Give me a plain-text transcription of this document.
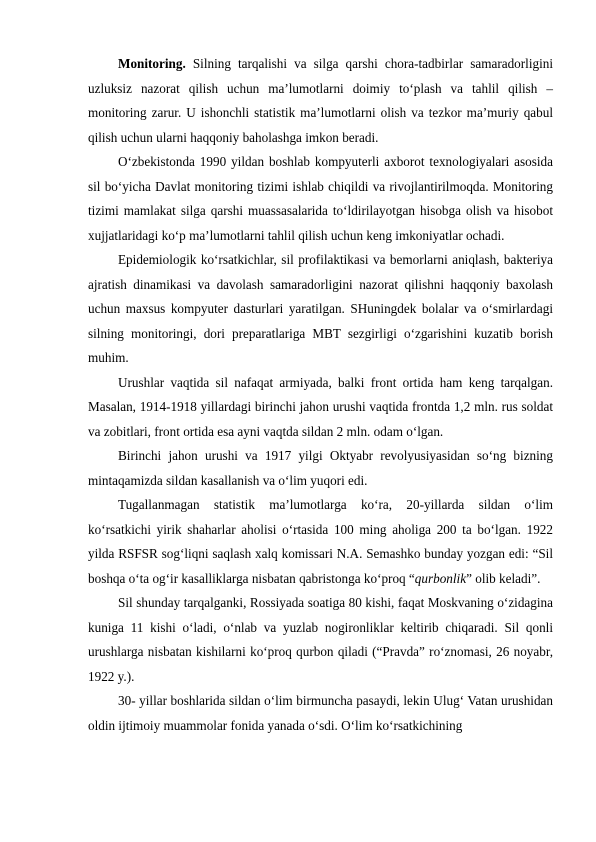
Monitoring. Silning tarqalishi va silga qarshi chora-tadbirlar samaradorligini uzluksiz nazorat qilish uchun ma’lumotlarni doimiy to‘plash va tahlil qilish – monitoring zarur. U ishonchli statistik ma’lumotlarni olish va tezkor ma’muriy qabul qilish uchun ularni haqqoniy baholashga imkon beradi.

O‘zbekistonda 1990 yildan boshlab kompyuterli axborot texnologiyalari asosida sil bo‘yicha Davlat monitoring tizimi ishlab chiqildi va rivojlantirilmoqda. Monitoring tizimi mamlakat silga qarshi muassasalarida to‘ldirilayotgan hisobga olish va hisobot xujjatlaridagi ko‘p ma’lumotlarni tahlil qilish uchun keng imkoniyatlar ochadi.

Epidemiologik ko‘rsatkichlar, sil profilaktikasi va bemorlarni aniqlash, bakteriya ajratish dinamikasi va davolash samaradorligini nazorat qilishni haqqoniy baxolash uchun maxsus kompyuter dasturlari yaratilgan. SHuningdek bolalar va o‘smirlardagi silning monitoringi, dori preparatlariga MBT sezgirligi o‘zgarishini kuzatib borish muhim.

Urushlar vaqtida sil nafaqat armiyada, balki front ortida ham keng tarqalgan. Masalan, 1914-1918 yillardagi birinchi jahon urushi vaqtida frontda 1,2 mln. rus soldat va zobitlari, front ortida esa ayni vaqtda sildan 2 mln. odam o‘lgan.

Birinchi jahon urushi va 1917 yilgi Oktyabr revolyusiyasidan so‘ng bizning mintaqamizda sildan kasallanish va o‘lim yuqori edi.

Tugallanmagan statistik ma’lumotlarga ko‘ra, 20-yillarda sildan o‘lim ko‘rsatkichi yirik shaharlar aholisi o‘rtasida 100 ming aholiga 200 ta bo‘lgan. 1922 yilda RSFSR sog‘liqni saqlash xalq komissari N.A. Semashko bunday yozgan edi: “Sil boshqa o‘ta og‘ir kasalliklarga nisbatan qabristonga ko‘proq “qurbonlik” olib keladi”.

Sil shunday tarqalganki, Rossiyada soatiga 80 kishi, faqat Moskvaning o‘zidagina kuniga 11 kishi o‘ladi, o‘nlab va yuzlab nogironliklar keltirib chiqaradi. Sil qonli urushlarga nisbatan kishilarni ko‘proq qurbon qiladi (“Pravda” ro‘znomasi, 26 noyabr, 1922 y.).

30- yillar boshlarida sildan o‘lim birmuncha pasaydi, lekin Ulug‘ Vatan urushidan oldin ijtimoiy muammolar fonida yanada o‘sdi. O‘lim ko‘rsatkichining
